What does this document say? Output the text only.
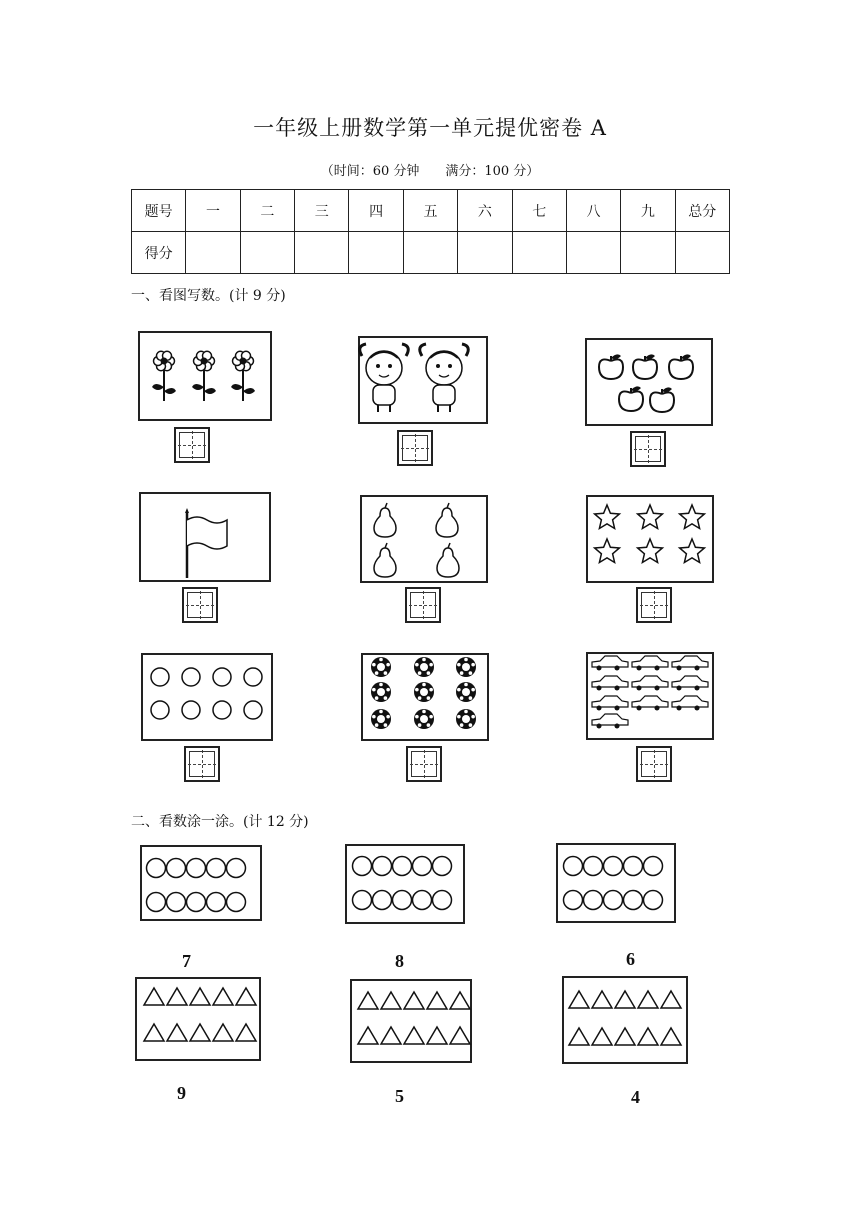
一年级上册数学第一单元提优密卷 A
（时间：60 分钟　　满分：100 分）
题号	一	二	三	四	五	六	七	八	九	总分
得分										
一、看图写数。(计 9 分)
二、看数涂一涂。(计 12 分)
7	8	6
9	5	4
